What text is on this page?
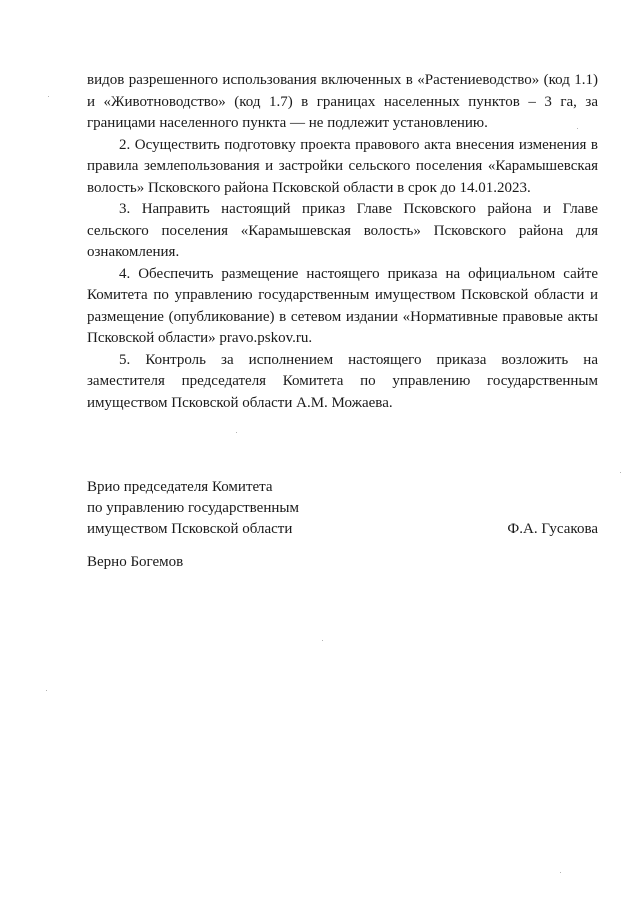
видов разрешенного использования включенных в «Растениеводство» (код 1.1) и «Животноводство» (код 1.7) в границах населенных пунктов – 3 га, за границами населенного пункта — не подлежит установлению.

2. Осуществить подготовку проекта правового акта внесения изменения в правила землепользования и застройки сельского поселения «Карамышевская волость» Псковского района Псковской области в срок до 14.01.2023.

3. Направить настоящий приказ Главе Псковского района и Главе сельского поселения «Карамышевская волость» Псковского района для ознакомления.

4. Обеспечить размещение настоящего приказа на официальном сайте Комитета по управлению государственным имуществом Псковской области и размещение (опубликование) в сетевом издании «Нормативные правовые акты Псковской области» pravo.pskov.ru.

5. Контроль за исполнением настоящего приказа возложить на заместителя председателя Комитета по управлению государственным имуществом Псковской области А.М. Можаева.

Врио председателя Комитета
по управлению государственным
имуществом Псковской области	Ф.А. Гусакова
Верно Богемов
